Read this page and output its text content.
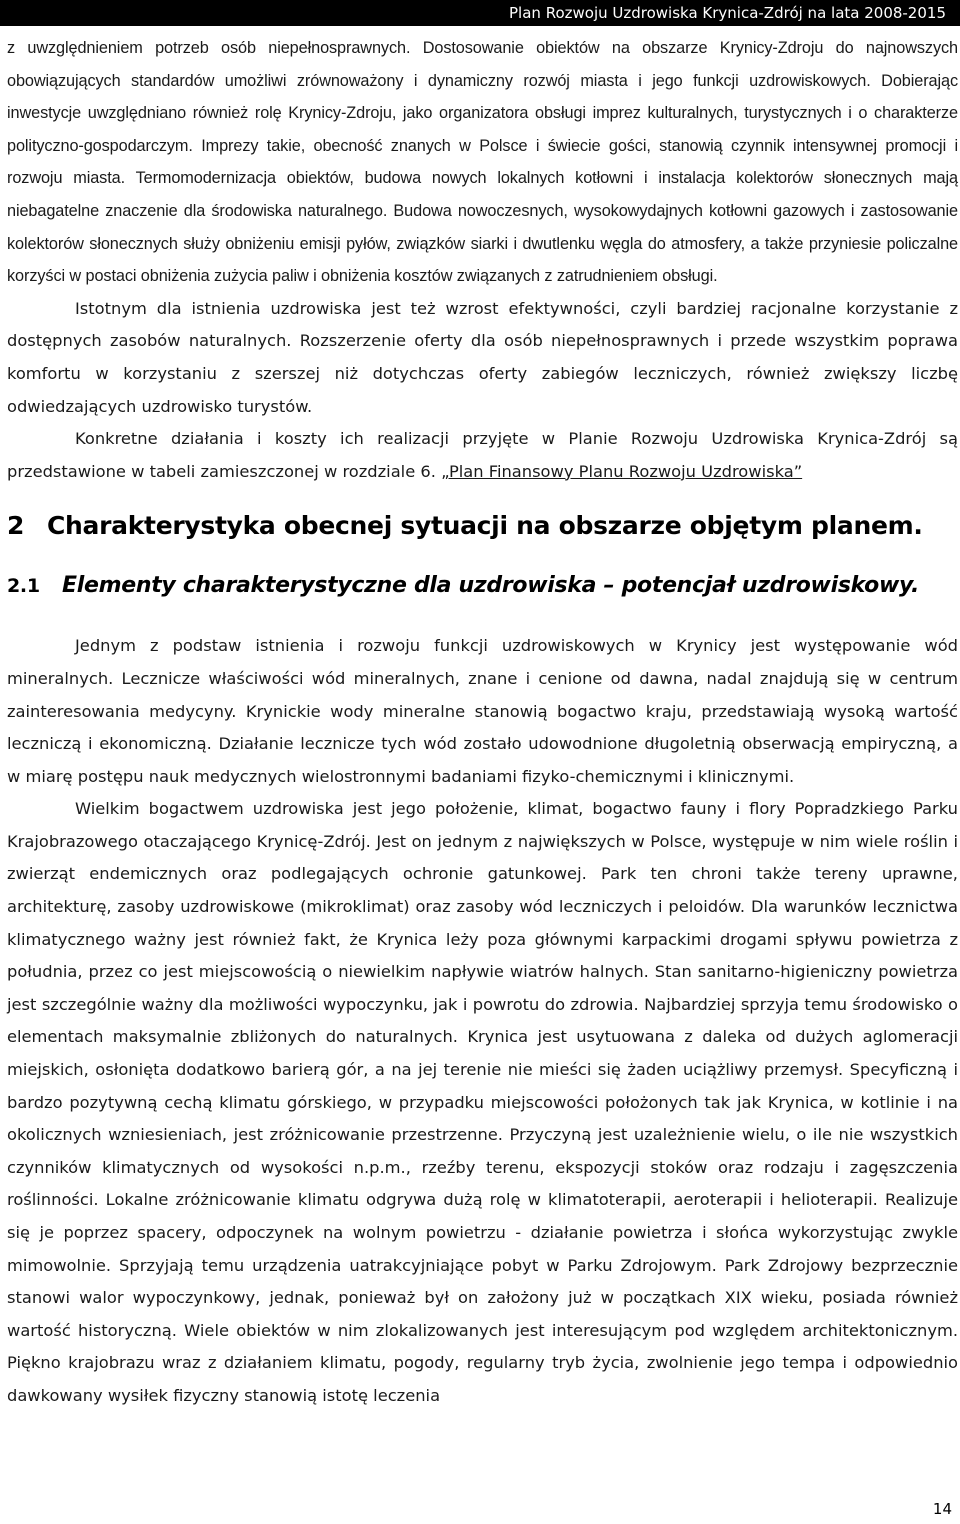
Plan Rozwoju Uzdrowiska Krynica-Zdrój na lata 2008-2015

z uwzględnieniem potrzeb osób niepełnosprawnych. Dostosowanie obiektów na obszarze Krynicy-Zdroju do najnowszych obowiązujących standardów umożliwi zrównoważony i dynamiczny rozwój miasta i jego funkcji uzdrowiskowych. Dobierając inwestycje uwzględniano również rolę Krynicy-Zdroju, jako organizatora obsługi imprez kulturalnych, turystycznych i o charakterze polityczno-gospodarczym. Imprezy takie, obecność znanych w Polsce i świecie gości, stanowią czynnik intensywnej promocji i rozwoju miasta. Termomodernizacja obiektów, budowa nowych lokalnych kotłowni i instalacja kolektorów słonecznych mają niebagatelne znaczenie dla środowiska naturalnego. Budowa nowoczesnych, wysokowydajnych kotłowni gazowych i zastosowanie kolektorów słonecznych służy obniżeniu emisji pyłów, związków siarki i dwutlenku węgla do atmosfery, a także przyniesie policzalne korzyści w postaci obniżenia zużycia paliw i obniżenia kosztów związanych z zatrudnieniem obsługi.

Istotnym dla istnienia uzdrowiska jest też wzrost efektywności, czyli bardziej racjonalne korzystanie z dostępnych zasobów naturalnych. Rozszerzenie oferty dla osób niepełnosprawnych i przede wszystkim poprawa komfortu w korzystaniu z szerszej niż dotychczas oferty zabiegów leczniczych, również zwiększy liczbę odwiedzających uzdrowisko turystów.

Konkretne działania i koszty ich realizacji przyjęte w Planie Rozwoju Uzdrowiska Krynica-Zdrój są przedstawione w tabeli zamieszczonej w rozdziale 6. „Plan Finansowy Planu Rozwoju Uzdrowiska”

2 Charakterystyka obecnej sytuacji na obszarze objętym planem.
2.1 Elementy charakterystyczne dla uzdrowiska – potencjał uzdrowiskowy.

Jednym z podstaw istnienia i rozwoju funkcji uzdrowiskowych w Krynicy jest występowanie wód mineralnych. Lecznicze właściwości wód mineralnych, znane i cenione od dawna, nadal znajdują się w centrum zainteresowania medycyny. Krynickie wody mineralne stanowią bogactwo kraju, przedstawiają wysoką wartość leczniczą i ekonomiczną. Działanie lecznicze tych wód zostało udowodnione długoletnią obserwacją empiryczną, a w miarę postępu nauk medycznych wielostronnymi badaniami fizyko-chemicznymi i klinicznymi.

Wielkim bogactwem uzdrowiska jest jego położenie, klimat, bogactwo fauny i flory Popradzkiego Parku Krajobrazowego otaczającego Krynicę-Zdrój. Jest on jednym z największych w Polsce, występuje w nim wiele roślin i zwierząt endemicznych oraz podlegających ochronie gatunkowej. Park ten chroni także tereny uprawne, architekturę, zasoby uzdrowiskowe (mikroklimat) oraz zasoby wód leczniczych i peloidów. Dla warunków lecznictwa klimatycznego ważny jest również fakt, że Krynica leży poza głównymi karpackimi drogami spływu powietrza z południa, przez co jest miejscowością o niewielkim napływie wiatrów halnych. Stan sanitarno-higieniczny powietrza jest szczególnie ważny dla możliwości wypoczynku, jak i powrotu do zdrowia. Najbardziej sprzyja temu środowisko o elementach maksymalnie zbliżonych do naturalnych. Krynica jest usytuowana z daleka od dużych aglomeracji miejskich, osłonięta dodatkowo barierą gór, a na jej terenie nie mieści się żaden uciążliwy przemysł. Specyficzną i bardzo pozytywną cechą klimatu górskiego, w przypadku miejscowości położonych tak jak Krynica, w kotlinie i na okolicznych wzniesieniach, jest zróżnicowanie przestrzenne. Przyczyną jest uzależnienie wielu, o ile nie wszystkich czynników klimatycznych od wysokości n.p.m., rzeźby terenu, ekspozycji stoków oraz rodzaju i zagęszczenia roślinności. Lokalne zróżnicowanie klimatu odgrywa dużą rolę w klimatoterapii, aeroterapii i helioterapii. Realizuje się je poprzez spacery, odpoczynek na wolnym powietrzu - działanie powietrza i słońca wykorzystując zwykle mimowolnie. Sprzyjają temu urządzenia uatrakcyjniające pobyt w Parku Zdrojowym. Park Zdrojowy bezprzecznie stanowi walor wypoczynkowy, jednak, ponieważ był on założony już w początkach XIX wieku, posiada również wartość historyczną. Wiele obiektów w nim zlokalizowanych jest interesującym pod względem architektonicznym. Piękno krajobrazu wraz z działaniem klimatu, pogody, regularny tryb życia, zwolnienie jego tempa i odpowiednio dawkowany wysiłek fizyczny stanowią istotę leczenia

14
